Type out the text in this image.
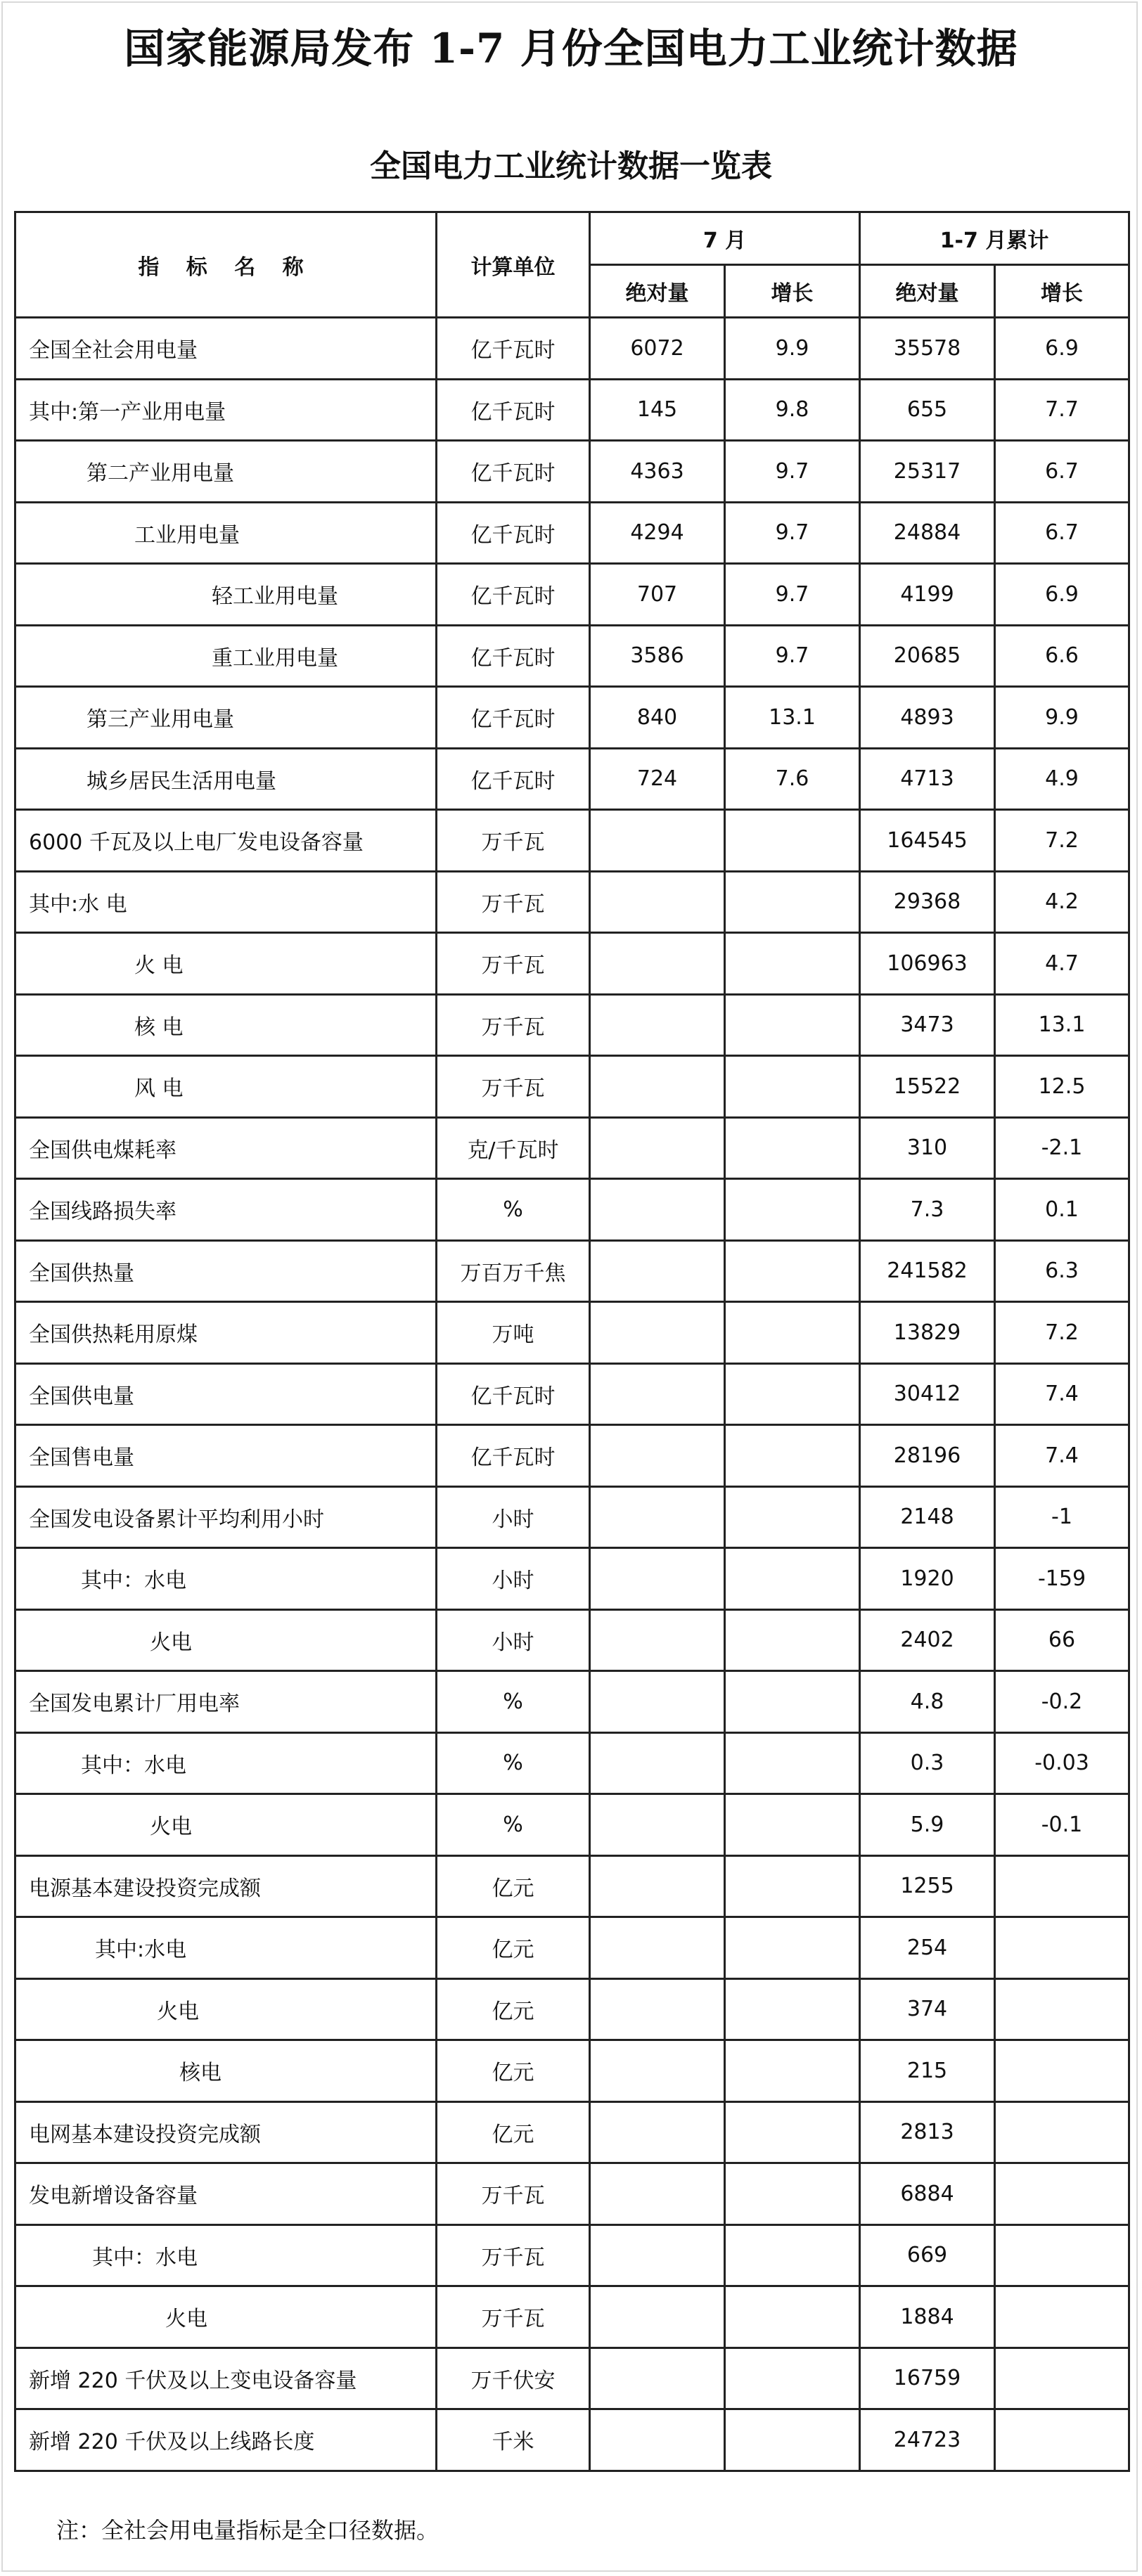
国家能源局发布 1-7 月份全国电力工业统计数据
全国电力工业统计数据一览表
指 标 名 称	计算单位	7 月		1-7 月累计	
		绝对量	增长	绝对量	增长
全国全社会用电量	亿千瓦时	6072	9.9	35578	6.9
其中:第一产业用电量	亿千瓦时	145	9.8	655	7.7
第二产业用电量	亿千瓦时	4363	9.7	25317	6.7
工业用电量	亿千瓦时	4294	9.7	24884	6.7
轻工业用电量	亿千瓦时	707	9.7	4199	6.9
重工业用电量	亿千瓦时	3586	9.7	20685	6.6
第三产业用电量	亿千瓦时	840	13.1	4893	9.9
城乡居民生活用电量	亿千瓦时	724	7.6	4713	4.9
6000 千瓦及以上电厂发电设备容量	万千瓦			164545	7.2
其中:水 电	万千瓦			29368	4.2
火 电	万千瓦			106963	4.7
核 电	万千瓦			3473	13.1
风 电	万千瓦			15522	12.5
全国供电煤耗率	克/千瓦时			310	-2.1
全国线路损失率	%			7.3	0.1
全国供热量	万百万千焦			241582	6.3
全国供热耗用原煤	万吨			13829	7.2
全国供电量	亿千瓦时			30412	7.4
全国售电量	亿千瓦时			28196	7.4
全国发电设备累计平均利用小时	小时			2148	-1
其中：水电	小时			1920	-159
火电	小时			2402	66
全国发电累计厂用电率	%			4.8	-0.2
其中：水电	%			0.3	-0.03
火电	%			5.9	-0.1
电源基本建设投资完成额	亿元			1255	
其中:水电	亿元			254	
火电	亿元			374	
核电	亿元			215	
电网基本建设投资完成额	亿元			2813	
发电新增设备容量	万千瓦			6884	
其中：水电	万千瓦			669	
火电	万千瓦			1884	
新增 220 千伏及以上变电设备容量	万千伏安			16759	
新增 220 千伏及以上线路长度	千米			24723	
注：全社会用电量指标是全口径数据。
